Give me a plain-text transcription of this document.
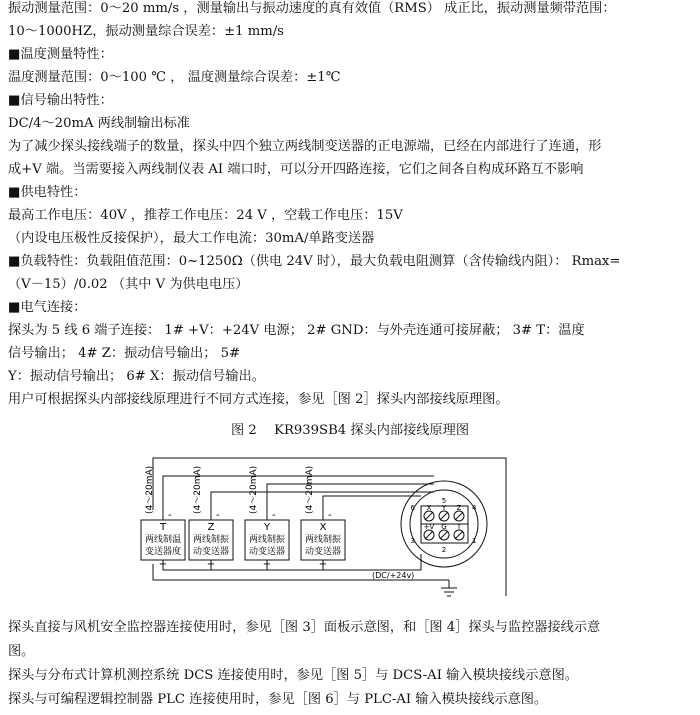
振动测量范围：0～20 mm/s ，测量输出与振动速度的真有效值（RMS） 成正比，振动测量频带范围：
10～1000HZ，振动测量综合误差：±1 mm/s
■温度测量特性：
温度测量范围：0～100 ℃ ， 温度测量综合误差：±1℃
■信号输出特性：
DC/4～20mA 两线制输出标准
为了减少探头接线端子的数量，探头中四个独立两线制变送器的正电源端，已经在内部进行了连通，形
成+V 端。当需要接入两线制仪表 AI 端口时，可以分开四路连接，它们之间各自构成环路互不影响
■供电特性：
最高工作电压：40V ，推荐工作电压：24 V ，空载工作电压：15V
（内设电压极性反接保护），最大工作电流：30mA/单路变送器
■负载特性：负载阻值范围：0~1250Ω（供电 24V 时），最大负载电阻测算（含传输线内阻）： Rmax=
（V－15）/0.02 （其中 V 为供电电压）
■电气连接：
探头为 5 线 6 端子连接： 1# +V：+24V 电源； 2# GND：与外壳连通可接屏蔽； 3# T：温度
信号输出； 4# Z：振动信号输出； 5#
Y：振动信号输出； 6# X：振动信号输出。
用户可根据探头内部接线原理进行不同方式连接，参见［图 2］探头内部接线原理图。
图 2　 KR939SB4 探头内部接线原理图
(4～20mA)	(4～20mA)	(4～20mA)	(4～20mA)
-	-	-	-
T
两线制温
变送器度
Z
两线制振
动变送器
Y
两线制振
动变送器
X
两线制振
动变送器
+	+	+	+
(DC/+24v)
6
5
4
3
2
1
X Y Z
+V G T
探头直接与风机安全监控器连接使用时，参见［图 3］面板示意图，和［图 4］探头与监控器接线示意
图。
探头与分布式计算机测控系统 DCS 连接使用时，参见［图 5］与 DCS-AI 输入模块接线示意图。
探头与可编程逻辑控制器 PLC 连接使用时，参见［图 6］与 PLC-AI 输入模块接线示意图。
